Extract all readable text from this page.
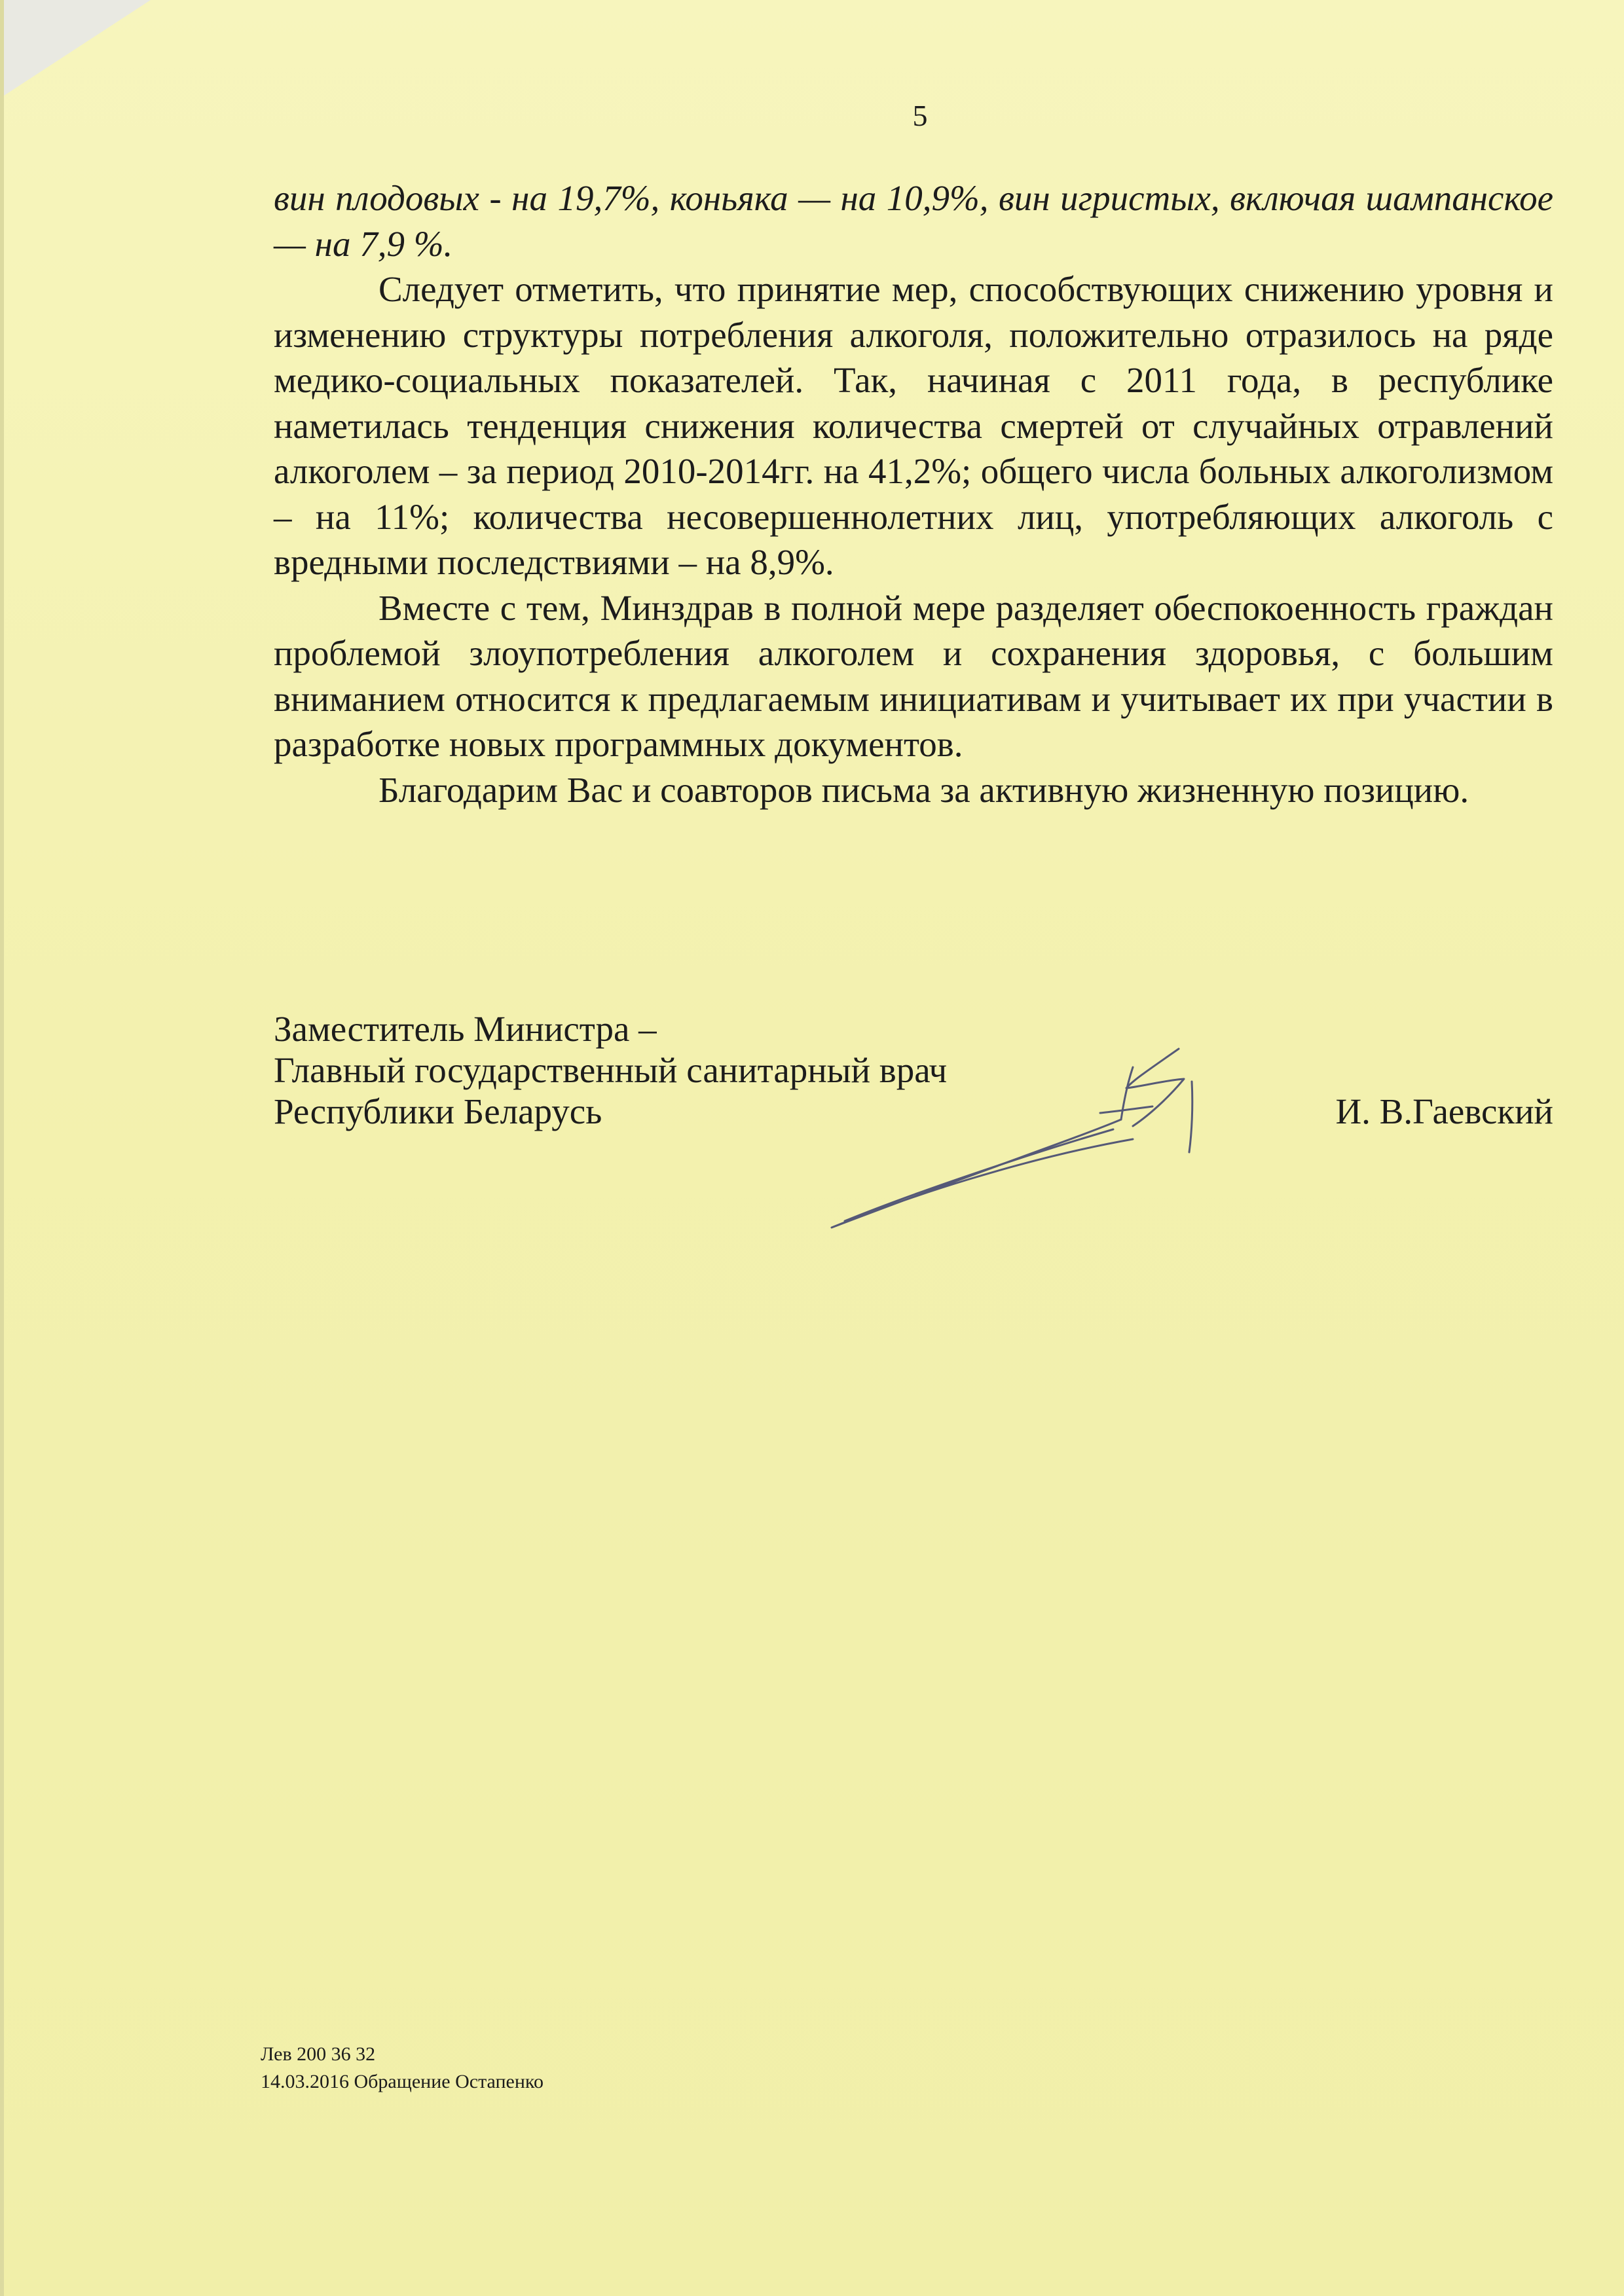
5

вин плодовых - на 19,7%, коньяка — на 10,9%, вин игристых, включая шампанское — на 7,9 %.

Следует отметить, что принятие мер, способствующих снижению уровня и изменению структуры потребления алкоголя, положительно отразилось на ряде медико-социальных показателей. Так, начиная с 2011 года, в республике наметилась тенденция снижения количества смертей от случайных отравлений алкоголем – за период 2010-2014гг. на 41,2%; общего числа больных алкоголизмом – на 11%; количества несовершеннолетних лиц, употребляющих алкоголь с вредными последствиями – на 8,9%.

Вместе с тем, Минздрав в полной мере разделяет обеспокоенность граждан проблемой злоупотребления алкоголем и сохранения здоровья, с большим вниманием относится к предлагаемым инициативам и учитывает их при участии в разработке новых программных документов.

Благодарим Вас и соавторов письма за активную жизненную позицию.

Заместитель Министра –
Главный государственный санитарный врач
Республики Беларусь	И. В.Гаевский
Лев 200 36 32
14.03.2016 Обращение Остапенко
